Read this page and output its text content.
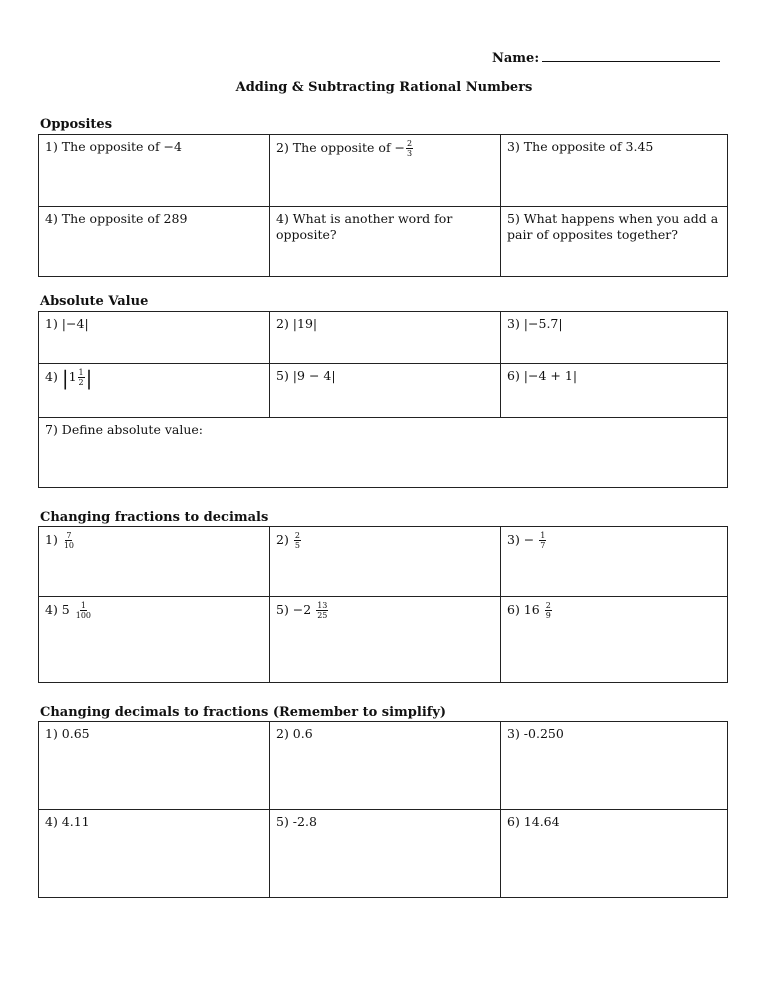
Name:
Adding & Subtracting Rational Numbers
Opposites
1) The opposite of −4	2) The opposite of − $\frac{2}{3}$	3) The opposite of 3.45
4) The opposite of 289	4) What is another word for opposite?	5) What happens when you add a pair of opposites together?
Absolute Value
1) |−4|	2) |19|	3) |−5.7|
4) $|1 \frac{1}{2}$ |	5) |9 − 4|	6) |−4 + 1|
7) Define absolute value:		
Changing fractions to decimals
$1) \frac{7}{10}$	$2) \frac{2}{5}$	$3) - \frac{1}{7}$

4) $5 \frac{1}{100}$	$5) -2 \frac{13}{25}$	6) $16 \frac{2}{9}$
Changing decimals to fractions (Remember to simplify)
1) 0.65	2) 0.6	3) -0.250
4) 4.11	5) -2.8	6) 14.64
